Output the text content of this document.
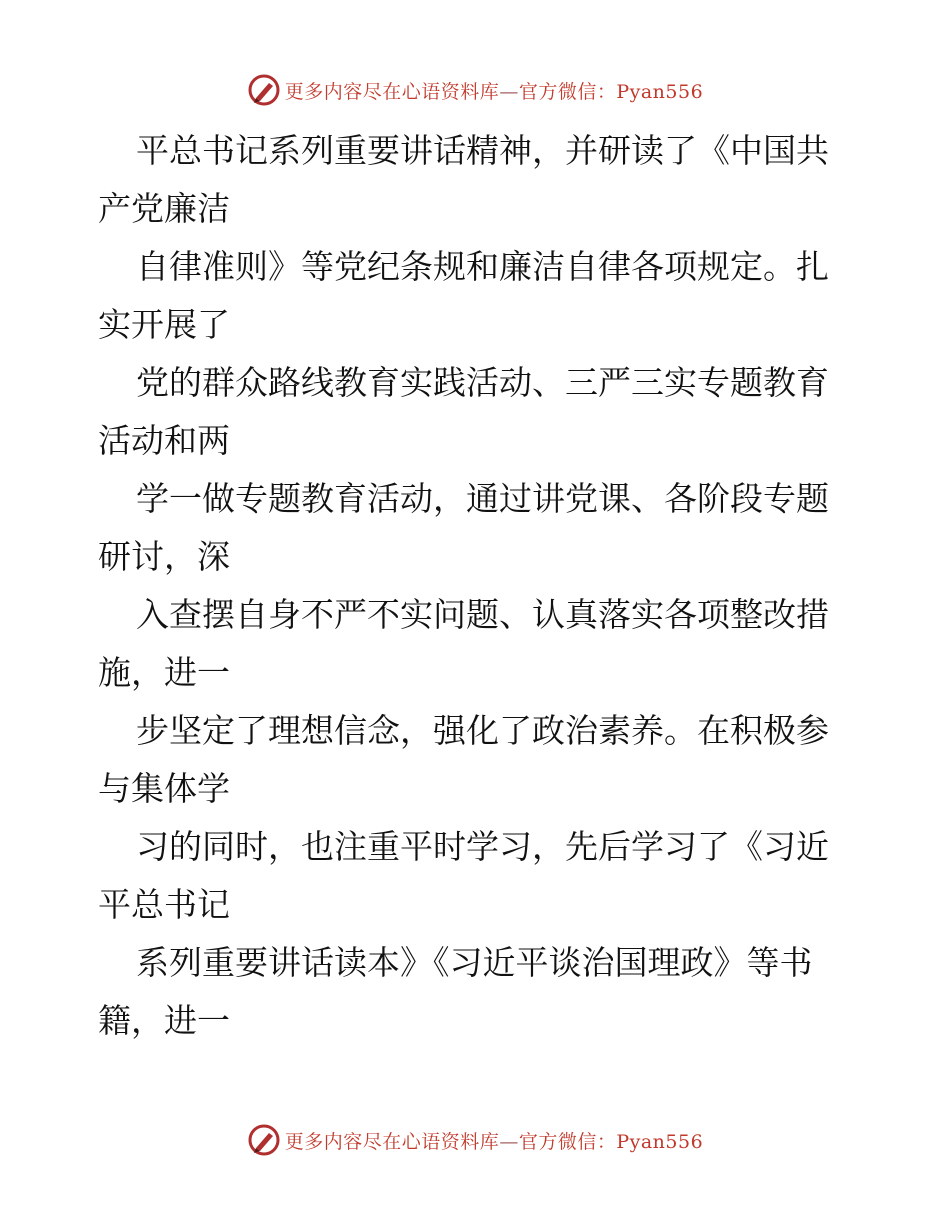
更多内容尽在心语资料库—官方微信：Pyan556

平总书记系列重要讲话精神，并研读了《中国共
产党廉洁

自律准则》等党纪条规和廉洁自律各项规定。扎
实开展了

党的群众路线教育实践活动、三严三实专题教育
活动和两

学一做专题教育活动，通过讲党课、各阶段专题
研讨，深

入查摆自身不严不实问题、认真落实各项整改措
施，进一

步坚定了理想信念，强化了政治素养。在积极参
与集体学

习的同时，也注重平时学习，先后学习了《习近
平总书记

系列重要讲话读本》《习近平谈治国理政》等书
籍，进一

更多内容尽在心语资料库—官方微信：Pyan556
